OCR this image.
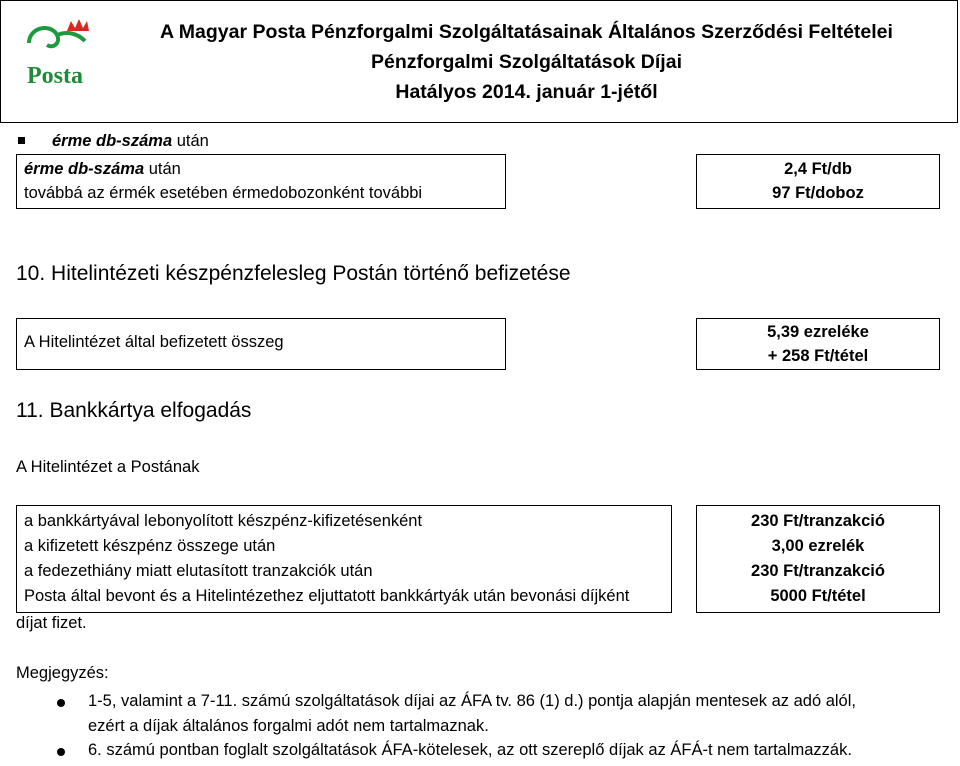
Posta
A Magyar Posta Pénzforgalmi Szolgáltatásainak Általános Szerződési Feltételei
Pénzforgalmi Szolgáltatások Díjai
Hatályos 2014. január 1-jétől
érme db-száma után
érme db-száma után
továbbá az érmék esetében érmedobozonként további
2,4 Ft/db
97 Ft/doboz
10. Hitelintézeti készpénzfelesleg Postán történő befizetése
A Hitelintézet által befizetett összeg
5,39 ezreléke
+ 258 Ft/tétel
11. Bankkártya elfogadás
A Hitelintézet a Postának
a bankkártyával lebonyolított készpénz-kifizetésenként
a kifizetett készpénz összege után
a fedezethiány miatt elutasított tranzakciók után
Posta által bevont és a Hitelintézethez eljuttatott bankkártyák után bevonási díjként
díjat fizet.
230 Ft/tranzakció
3,00 ezrelék
230 Ft/tranzakció
5000 Ft/tétel
Megjegyzés:
1-5, valamint a 7-11. számú szolgáltatások díjai az ÁFA tv. 86 (1) d.) pontja alapján mentesek az adó alól,
ezért a díjak általános forgalmi adót nem tartalmaznak.
6. számú pontban foglalt szolgáltatások ÁFA-kötelesek, az ott szereplő díjak az ÁFÁ-t nem tartalmazzák.
